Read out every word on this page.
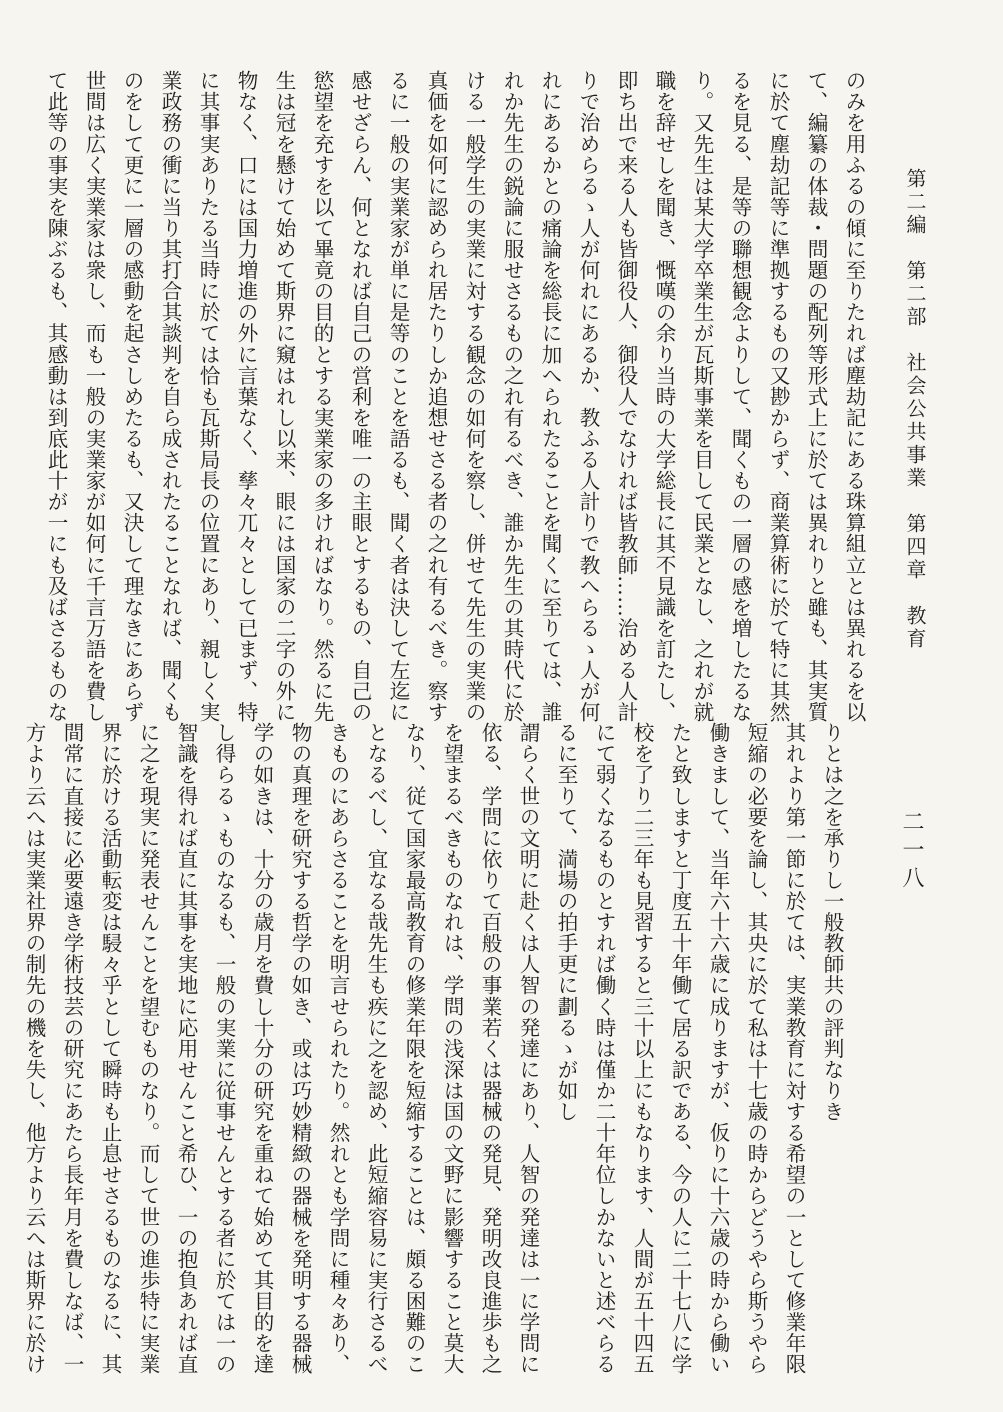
第二編　第二部　社会公共事業　第四章　教育
二一八
のみを用ふるの傾に至りたれば塵劫記にある珠算組立とは異れるを以
て、編纂の体裁・問題の配列等形式上に於ては異れりと雖も、其実質
に於て塵劫記等に準拠するもの又尠からず、商業算術に於て特に其然
るを見る、是等の聯想観念よりして、聞くもの一層の感を増したるな
り。又先生は某大学卒業生が瓦斯事業を目して民業となし、之れが就
職を辞せしを聞き、慨嘆の余り当時の大学総長に其不見識を訂たし、
即ち出で来る人も皆御役人、御役人でなければ皆教師……治める人計
りで治めらるゝ人が何れにあるか、教ふる人計りで教へらるゝ人が何
れにあるかとの痛論を総長に加へられたることを聞くに至りては、誰
れか先生の鋭論に服せさるもの之れ有るべき、誰か先生の其時代に於
ける一般学生の実業に対する観念の如何を察し、併せて先生の実業の
真価を如何に認められ居たりしか追想せさる者の之れ有るべき。察す
るに一般の実業家が単に是等のことを語るも、聞く者は決して左迄に
感せざらん、何となれば自己の営利を唯一の主眼とするもの、自己の
慾望を充すを以て畢竟の目的とする実業家の多ければなり。然るに先
生は冠を懸けて始めて斯界に窺はれし以来、眼には国家の二字の外に
物なく、口には国力増進の外に言葉なく、孳々兀々として已まず、特
に其事実ありたる当時に於ては恰も瓦斯局長の位置にあり、親しく実
業政務の衝に当り其打合其談判を自ら成されたることなれば、聞くも
のをして更に一層の感動を起さしめたるも、又決して理なきにあらず
世間は広く実業家は衆し、而も一般の実業家が如何に千言万語を費し
て此等の事実を陳ぶるも、其感動は到底此十が一にも及ばさるものな
りとは之を承りし一般教師共の評判なりき
其れより第一節に於ては、実業教育に対する希望の一として修業年限
短縮の必要を論し、其央に於て私は十七歳の時からどうやら斯うやら
働きまして、当年六十六歳に成りますが、仮りに十六歳の時から働い
たと致しますと丁度五十年働て居る訳である、今の人に二十七八に学
校を了り二三年も見習すると三十以上にもなります、人間が五十四五
にて弱くなるものとすれば働く時は僅か二十年位しかないと述べらる
るに至りて、満場の拍手更に劃るゝが如し
謂らく世の文明に赴くは人智の発達にあり、人智の発達は一に学問に
依る、学問に依りて百般の事業若くは器械の発見、発明改良進歩も之
を望まるべきものなれは、学問の浅深は国の文野に影響すること莫大
なり、従て国家最高教育の修業年限を短縮することは、頗る困難のこ
となるべし、宜なる哉先生も疾に之を認め、此短縮容易に実行さるべ
きものにあらさることを明言せられたり。然れとも学問に種々あり、
物の真理を研究する哲学の如き、或は巧妙精緻の器械を発明する器械
学の如きは、十分の歳月を費し十分の研究を重ねて始めて其目的を達
し得らるゝものなるも、一般の実業に従事せんとする者に於ては一の
智識を得れば直に其事を実地に応用せんこと希ひ、一の抱負あれば直
に之を現実に発表せんことを望むものなり。而して世の進歩特に実業
界に於ける活動転変は駸々乎として瞬時も止息せさるものなるに、其
間常に直接に必要遠き学術技芸の研究にあたら長年月を費しなば、一
方より云へは実業社界の制先の機を失し、他方より云へは斯界に於け
